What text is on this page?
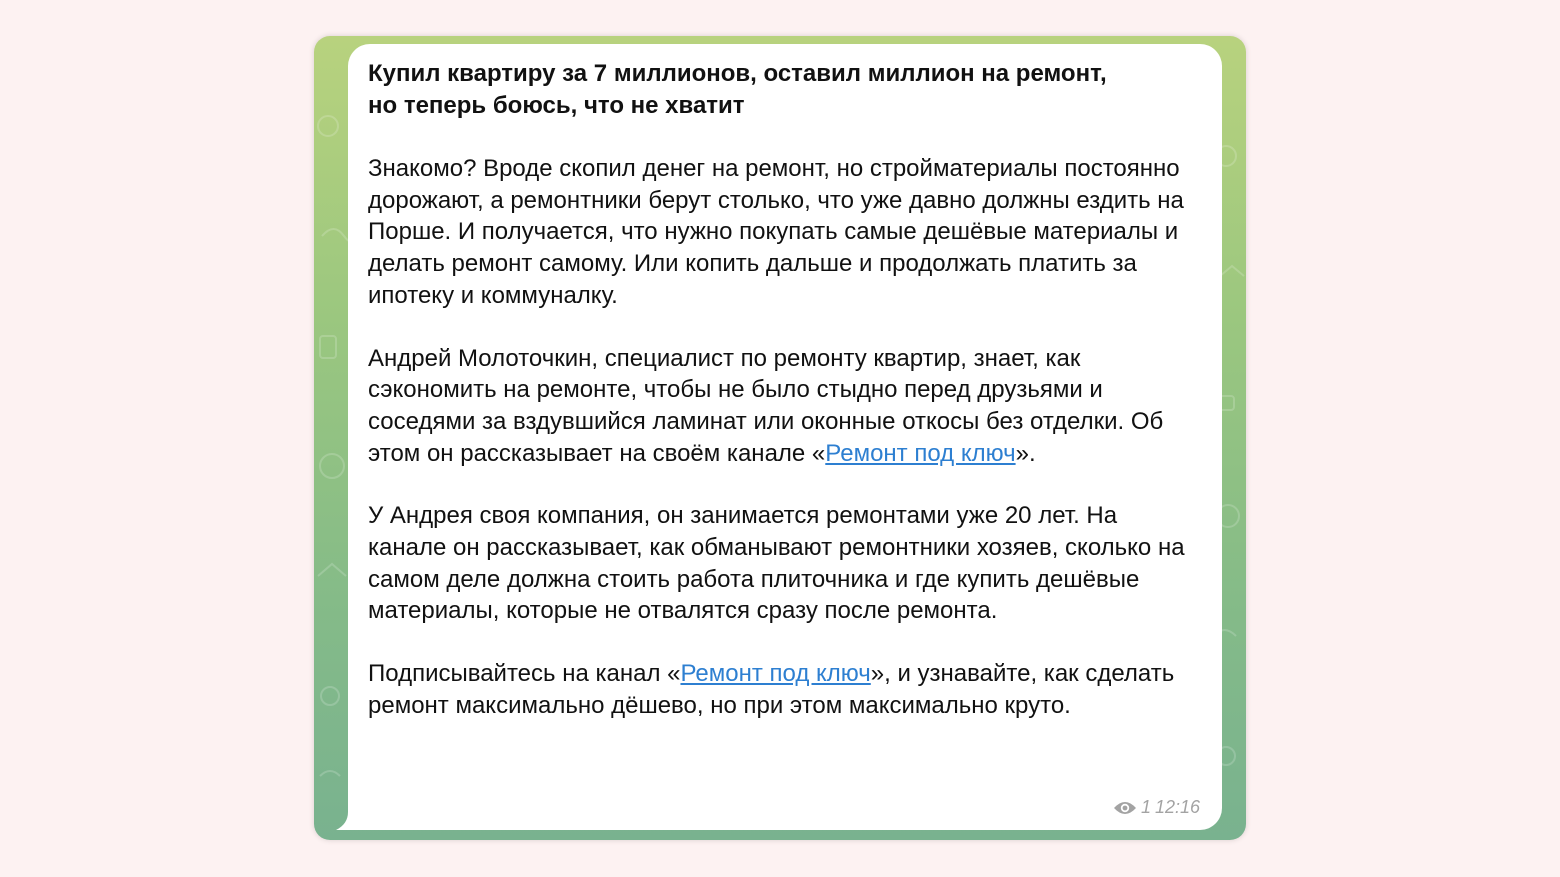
Купил квартиру за 7 миллионов, оставил миллион на ремонт,
но теперь боюсь, что не хватит

Знакомо? Вроде скопил денег на ремонт, но стройматериалы постоянно дорожают, а ремонтники берут столько, что уже давно должны ездить на Порше. И получается, что нужно покупать самые дешёвые материалы и делать ремонт самому. Или копить дальше и продолжать платить за ипотеку и коммуналку.

Андрей Молоточкин, специалист по ремонту квартир, знает, как сэкономить на ремонте, чтобы не было стыдно перед друзьями и соседями за вздувшийся ламинат или оконные откосы без отделки. Об этом он рассказывает на своём канале «Ремонт под ключ».

У Андрея своя компания, он занимается ремонтами уже 20 лет. На канале он рассказывает, как обманывают ремонтники хозяев, сколько на самом деле должна стоить работа плиточника и где купить дешёвые материалы, которые не отвалятся сразу после ремонта.

Подписывайтесь на канал «Ремонт под ключ», и узнавайте, как сделать ремонт максимально дёшево, но при этом максимально круто.

1 12:16
